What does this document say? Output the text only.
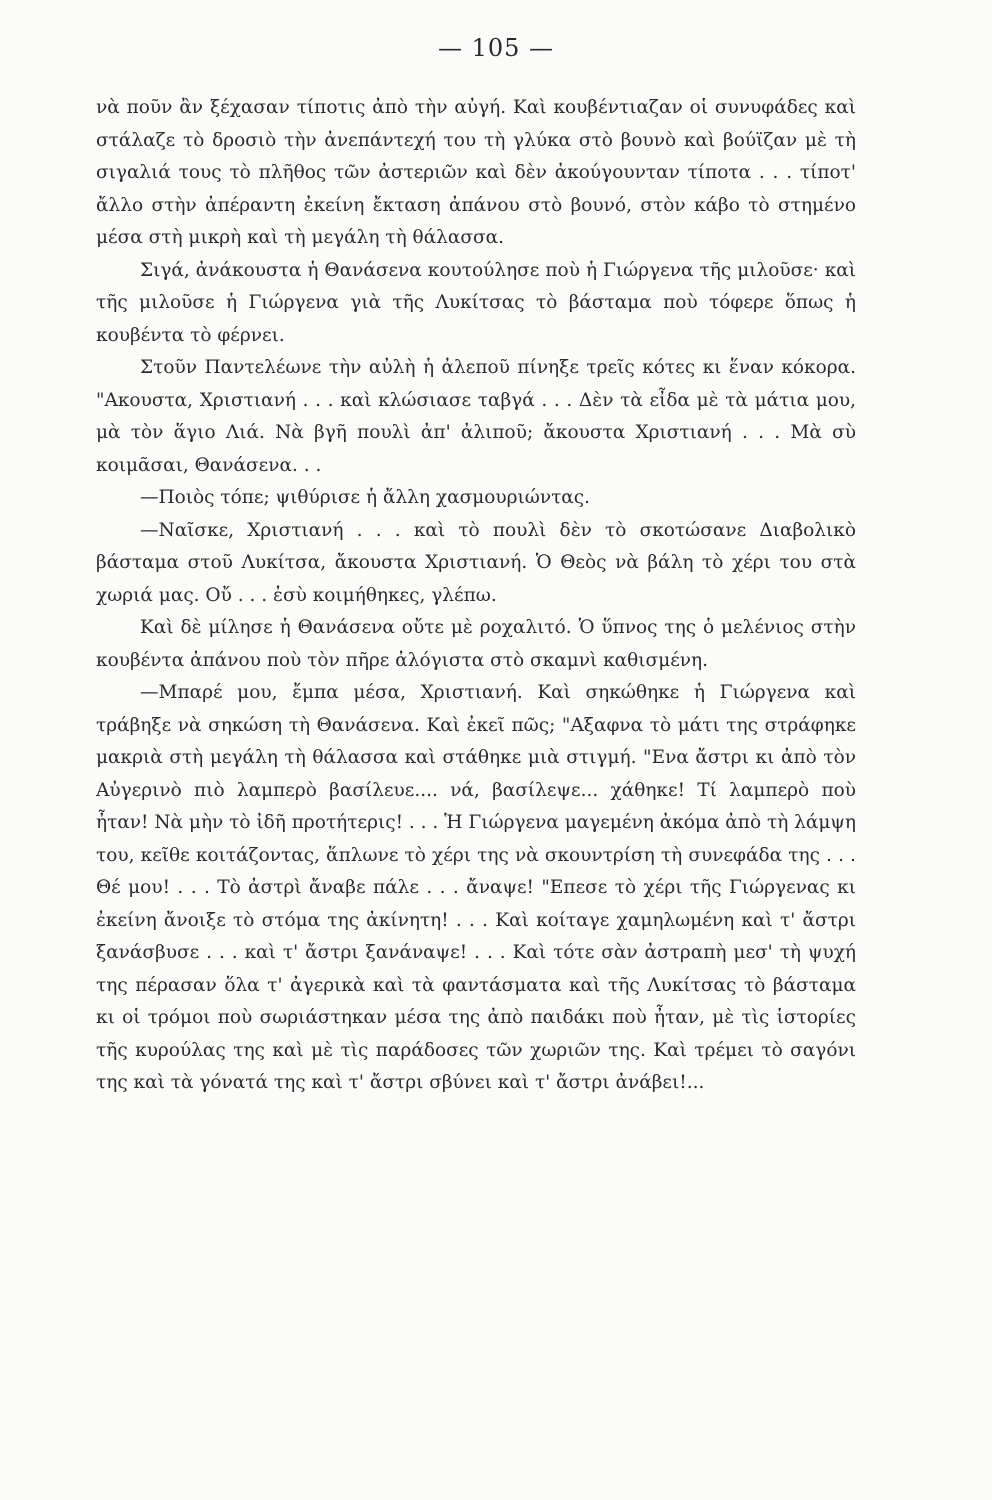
— 105 —

νὰ ποῦν ἂν ξέχασαν τίποτις ἀπὸ τὴν αὐγή. Καὶ κουβέντιαζαν οἱ συνυφάδες καὶ στάλαζε τὸ δροσιὸ τὴν ἀνεπάντεχή του τὴ γλύκα στὸ βουνὸ καὶ βούϊζαν μὲ τὴ σιγαλιά τους τὸ πλῆθος τῶν ἀστεριῶν καὶ δὲν ἀκούγουνταν τίποτα . . . τίποτ' ἄλλο στὴν ἀπέραντη ἐκείνη ἔκταση ἀπάνου στὸ βουνό, στὸν κάβο τὸ στημένο μέσα στὴ μικρὴ καὶ τὴ μεγάλη τὴ θάλασσα.

Σιγά, ἀνάκουστα ἡ Θανάσενα κουτούλησε ποὺ ἡ Γιώργενα τῆς μιλοῦσε· καὶ τῆς μιλοῦσε ἡ Γιώργενα γιὰ τῆς Λυκίτσας τὸ βάσταμα ποὺ τόφερε ὅπως ἡ κουβέντα τὸ φέρνει.

Στοῦν Παντελέωνε τὴν αὐλὴ ἡ ἀλεποῦ πίνηξε τρεῖς κότες κι ἕναν κόκορα. "Ακουστα, Χριστιανή . . . καὶ κλώσιασε ταβγά . . . Δὲν τὰ εἶδα μὲ τὰ μάτια μου, μὰ τὸν ἅγιο Λιά. Νὰ βγῆ πουλὶ ἀπ' ἀλιποῦ; ἄκουστα Χριστιανή . . . Μὰ σὺ κοιμᾶσαι, Θανάσενα. . .

—Ποιὸς τόπε; ψιθύρισε ἡ ἄλλη χασμουριώντας.

—Ναῖσκε, Χριστιανή . . . καὶ τὸ πουλὶ δὲν τὸ σκοτώσανε Διαβολικὸ βάσταμα στοῦ Λυκίτσα, ἄκουστα Χριστιανή. Ὁ Θεὸς νὰ βάλη τὸ χέρι του στὰ χωριά μας. Οὔ . . . ἐσὺ κοιμήθηκες, γλέπω.

Καὶ δὲ μίλησε ἡ Θανάσενα οὔτε μὲ ροχαλιτό. Ὁ ὕπνος της ὁ μελένιος στὴν κουβέντα ἀπάνου ποὺ τὸν πῆρε ἀλόγιστα στὸ σκαμνὶ καθισμένη.

—Μπαρέ μου, ἔμπα μέσα, Χριστιανή. Καὶ σηκώθηκε ἡ Γιώργενα καὶ τράβηξε νὰ σηκώση τὴ Θανάσενα. Καὶ ἐκεῖ πῶς; "Αξαφνα τὸ μάτι της στράφηκε μακριὰ στὴ μεγάλη τὴ θάλασσα καὶ στάθηκε μιὰ στιγμή. "Ενα ἄστρι κι ἀπὸ τὸν Αὐγερινὸ πιὸ λαμπερὸ βασίλευε.... νά, βασίλεψε... χάθηκε! Τί λαμπερὸ ποὺ ἦταν! Νὰ μὴν τὸ ἰδῆ προτήτερις! . . . Ἡ Γιώργενα μαγεμένη ἀκόμα ἀπὸ τὴ λάμψη του, κεῖθε κοιτάζοντας, ἅπλωνε τὸ χέρι της νὰ σκουντρίση τὴ συνεφάδα της . . . Θέ μου! . . . Τὸ ἀστρὶ ἄναβε πάλε . . . ἄναψε! "Επεσε τὸ χέρι τῆς Γιώργενας κι ἐκείνη ἄνοιξε τὸ στόμα της ἀκίνητη! . . . Καὶ κοίταγε χαμηλωμένη καὶ τ' ἄστρι ξανάσβυσε . . . καὶ τ' ἄστρι ξανάναψε! . . . Καὶ τότε σὰν ἀστραπὴ μεσ' τὴ ψυχή της πέρασαν ὅλα τ' ἀγερικὰ καὶ τὰ φαντάσματα καὶ τῆς Λυκίτσας τὸ βάσταμα κι οἱ τρόμοι ποὺ σωριάστηκαν μέσα της ἀπὸ παιδάκι ποὺ ἦταν, μὲ τὶς ἱστορίες τῆς κυρούλας της καὶ μὲ τὶς παράδοσες τῶν χωριῶν της. Καὶ τρέμει τὸ σαγόνι της καὶ τὰ γόνατά της καὶ τ' ἄστρι σβύνει καὶ τ' ἄστρι ἀνάβει!...
